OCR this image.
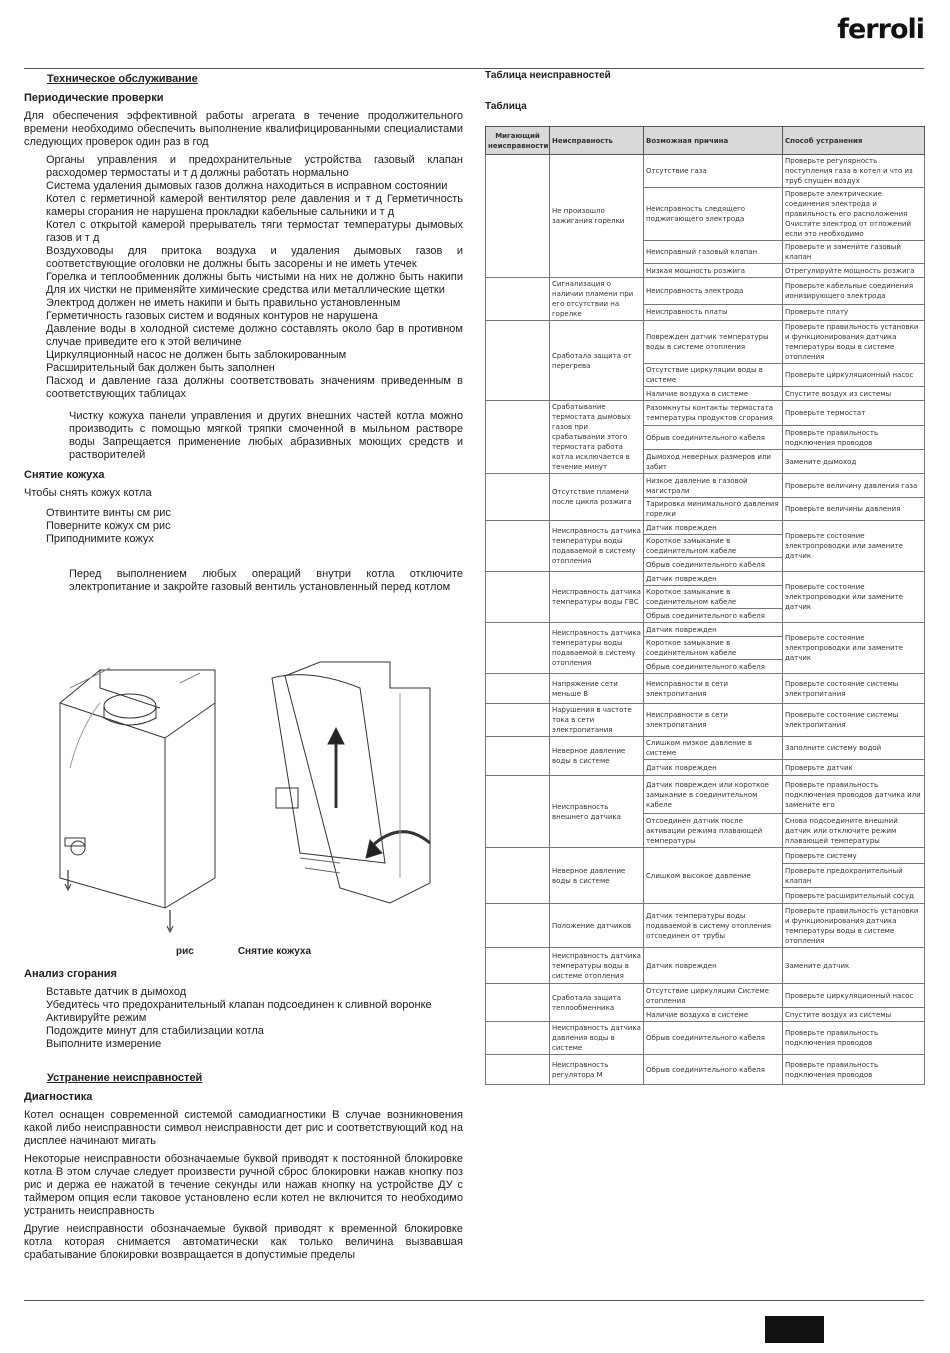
ferroli

Техническое обслуживание

Периодические проверки

Для обеспечения эффективной работы агрегата в течение продолжительного времени необходимо обеспечить выполнение квалифицированными специалистами следующих проверок один раз в год

Органы управления и предохранительные устройства газовый клапан расходомер термостаты и т д должны работать нормально

Система удаления дымовых газов должна находиться в исправном состоянии

Котел с герметичной камерой вентилятор реле давления и т д Герметичность камеры сгорания не нарушена прокладки кабельные сальники и т д

Котел с открытой камерой прерыватель тяги термостат температуры дымовых газов и т д

Воздуховоды для притока воздуха и удаления дымовых газов и соответствующие оголовки не должны быть засорены и не иметь утечек

Горелка и теплообменник должны быть чистыми на них не должно быть накипи Для их чистки не применяйте химические средства или металлические щетки

Электрод должен не иметь накипи и быть правильно установленным

Герметичность газовых систем и водяных контуров не нарушена

Давление воды в холодной системе должно составлять около бар в противном случае приведите его к этой величине

Циркуляционный насос не должен быть заблокированным

Расширительный бак должен быть заполнен

Пасход и давление газа должны соответствовать значениям приведенным в соответствующих таблицах

Чистку кожуха панели управления и других внешних частей котла можно производить с помощью мягкой тряпки смоченной в мыльном растворе воды Запрещается применение любых абразивных моющих средств и растворителей

Снятие кожуха

Чтобы снять кожух котла

Отвинтите винты см рис

Поверните кожух см рис

Приподнимите кожух

Перед выполнением любых операций внутри котла отключите электропитание и закройте газовый вентиль установленный перед котлом

рис	Снятие кожуха

Анализ сгорания

Вставьте датчик в дымоход

Убедитесь что предохранительный клапан подсоединен к сливной воронке

Активируйте режим

Подождите минут для стабилизации котла

Выполните измерение

Устранение неисправностей

Диагностика

Котел оснащен современной системой самодиагностики В случае возникновения какой либо неисправности символ неисправности дет рис и соответствующий код на дисплее начинают мигать

Некоторые неисправности обозначаемые буквой приводят к постоянной блокировке котла В этом случае следует произвести ручной сброс блокировки нажав кнопку поз рис и держа ее нажатой в течение секунды или нажав кнопку на устройстве ДУ с таймером опция если таковое установлено если котел не включится то необходимо устранить неисправность

Другие неисправности обозначаемые буквой приводят к временной блокировке котла которая снимается автоматически как только величина вызвавшая срабатывание блокировки возвращается в допустимые пределы

Таблица неисправностей

Таблица

Мигающий неисправности	Неисправность	Возможная причина	Способ устранения
	Не произошло зажигания горелки	Отсутствие газа	Проверьте регулярность поступления газа в котел и что из труб спущен воздух
		Неисправность следящего поджигающего электрода	Проверьте электрические соединения электрода и правильность его расположения Очистите электрод от отложений если это необходимо
		Неисправный газовый клапан	Проверьте и замените газовый клапан
		Низкая мощность розжига	Отрегулируйте мощность розжига
	Сигнализация о наличии пламени при его отсутствии на горелке	Неисправность электрода	Проверьте кабельные соединения ионизирующего электрода
		Неисправность платы	Проверьте плату
	Сработала защита от перегрева	Поврежден датчик температуры воды в системе отопления	Проверьте правильность установки и функционирования датчика температуры воды в системе отопления
		Отсутствие циркуляции воды в системе	Проверьте циркуляционный насос
		Наличие воздуха в системе	Спустите воздух из системы
	Срабатывание термостата дымовых газов при срабатывании этого термостата работа котла исключается в течение минут	Разомкнуты контакты термостата температуры продуктов сгорания	Проверьте термостат
		Обрыв соединительного кабеля	Проверьте правильность подключения проводов
		Дымоход неверных размеров или забит	Замените дымоход
	Отсутствие пламени после цикла розжига	Низкое давление в газовой магистрали	Проверьте величину давления газа
		Тарировка минимального давления горелки	Проверьте величины давления
	Неисправность датчика температуры воды подаваемой в систему отопления	Датчик поврежден	Проверьте состояние электропроводки или замените датчик
		Короткое замыкание в соединительном кабеле	
		Обрыв соединительного кабеля	
	Неисправность датчика температуры воды ГВС	Датчик поврежден	Проверьте состояние электропроводки или замените датчик
		Короткое замыкание в соединительном кабеле	
		Обрыв соединительного кабеля	
	Неисправность датчика температуры воды подаваемой в систему отопления	Датчик поврежден	Проверьте состояние электропроводки или замените датчик
		Короткое замыкание в соединительном кабеле	
		Обрыв соединительного кабеля	
	Напряжение сети меньше В	Неисправности в сети электропитания	Проверьте состояние системы электропитания
	Нарушения в частоте тока в сети электропитания	Неисправности в сети электропитания	Проверьте состояние системы электропитания
	Неверное давление воды в системе	Слишком низкое давление в системе	Заполните систему водой
		Датчик поврежден	Проверьте датчик
	Неисправность внешнего датчика	Датчик поврежден или короткое замыкание в соединительном кабеле	Проверьте правильность подключения проводов датчика или замените его
		Отсоединен датчик после активации режима плавающей температуры	Снова подсоедините внешний датчик или отключите режим плавающей температуры
	Неверное давление воды в системе	Слишком высокое давление	Проверьте систему
			Проверьте предохранительный клапан
			Проверьте расширительный сосуд
	Положение датчиков	Датчик температуры воды подаваемой в систему отопления отсоединен от трубы	Проверьте правильность установки и функционирования датчика температуры воды в системе отопления
	Неисправность датчика температуры воды в системе отопления	Датчик поврежден	Замените датчик
	Сработала защита теплообменника	Отсутствие циркуляции Системе отопления	Проверьте циркуляционный насос
		Наличие воздуха в системе	Спустите воздух из системы
	Неисправность датчика давления воды в системе	Обрыв соединительного кабеля	Проверьте правильность подключения проводов
	Неисправность регулятора М	Обрыв соединительного кабеля	Проверьте правильность подключения проводов
